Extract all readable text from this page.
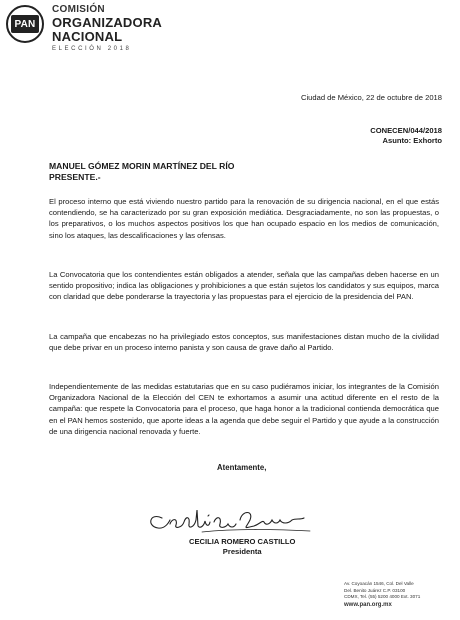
PAN
COMISIÓN
ORGANIZADORA
NACIONAL
ELECCIÓN 2018
Ciudad de México, 22 de octubre de 2018
CONECEN/044/2018
Asunto: Exhorto
MANUEL GÓMEZ MORIN MARTÍNEZ DEL RÍO
PRESENTE.-
El proceso interno que está viviendo nuestro partido para la renovación de su dirigencia nacional, en el que estás contendiendo, se ha caracterizado por su gran exposición mediática. Desgraciadamente, no son las propuestas, o los preparativos, o los muchos aspectos positivos los que han ocupado espacio en los medios de comunicación, sino los ataques, las descalificaciones y las ofensas.
La Convocatoria que los contendientes están obligados a atender, señala que las campañas deben hacerse en un sentido propositivo; indica las obligaciones y prohibiciones a que están sujetos los candidatos y sus equipos, marca con claridad que debe ponderarse la trayectoria y las propuestas para el ejercicio de la presidencia del PAN.
La campaña que encabezas no ha privilegiado estos conceptos, sus manifestaciones distan mucho de la civilidad que debe privar en un proceso interno panista y son causa de grave daño al Partido.
Independientemente de las medidas estatutarias que en su caso pudiéramos iniciar, los integrantes de la Comisión Organizadora Nacional de la Elección del CEN te exhortamos a asumir una actitud diferente en el resto de la campaña: que respete la Convocatoria para el proceso, que haga honor a la tradicional contienda democrática que en el PAN hemos sostenido, que aporte ideas a la agenda que debe seguir el Partido y que ayude a la construcción de una dirigencia nacional renovada y fuerte.
Atentamente,
CECILIA ROMERO CASTILLO
Presidenta
Av. Coyoacán 1546, Col. Del Valle
Del. Benito Juárez C.P. 03100
CDMX, Tel. (55) 5200 4000 Ext. 3071
www.pan.org.mx
